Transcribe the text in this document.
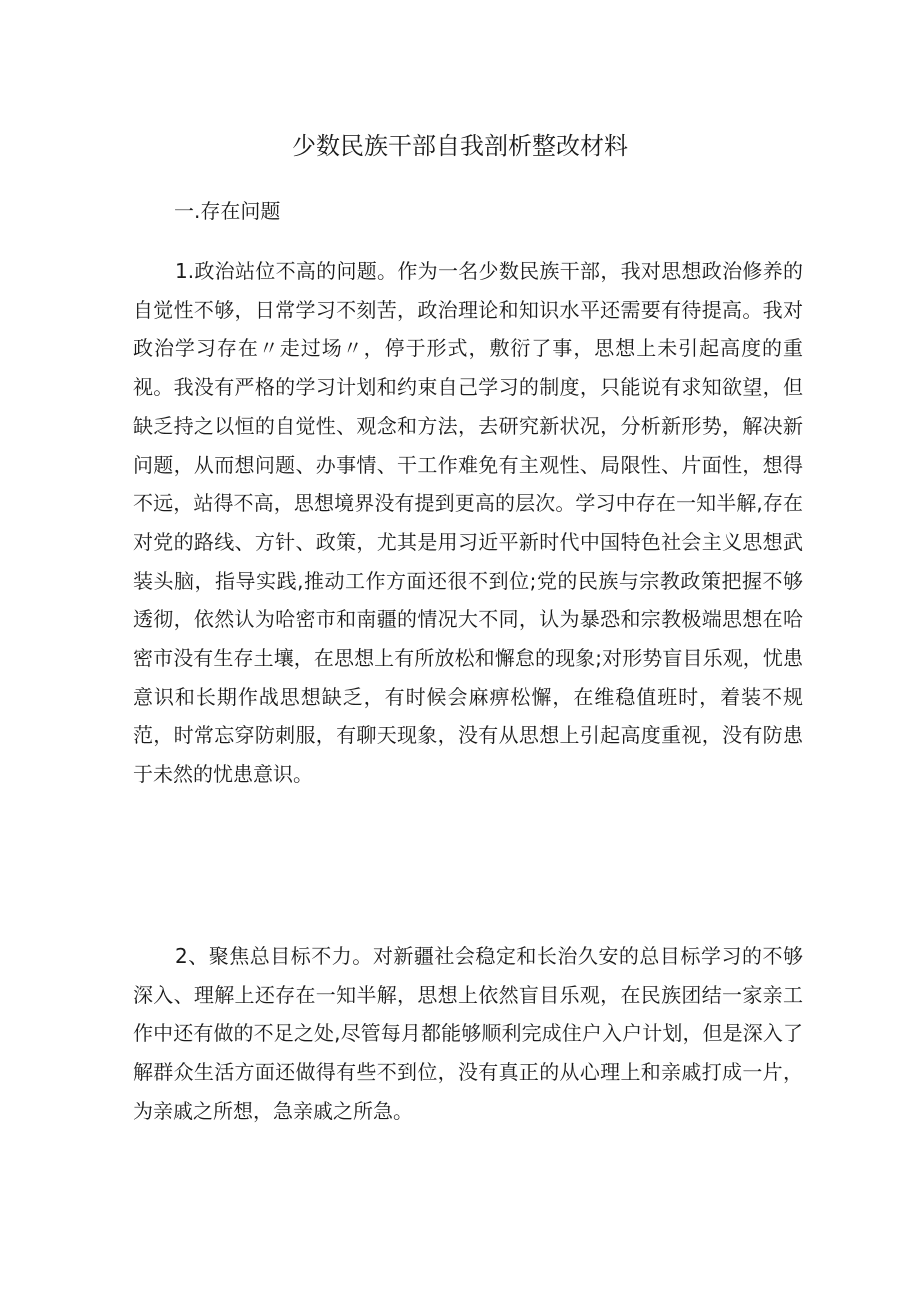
少数民族干部自我剖析整改材料
一.存在问题

1.政治站位不高的问题。作为一名少数民族干部，我对思想政治修养的自觉性不够，日常学习不刻苦，政治理论和知识水平还需要有待提高。我对政治学习存在〃走过场〃，停于形式，敷衍了事，思想上未引起高度的重视。我没有严格的学习计划和约束自己学习的制度，只能说有求知欲望，但缺乏持之以恒的自觉性、观念和方法，去研究新状况，分析新形势，解决新问题，从而想问题、办事情、干工作难免有主观性、局限性、片面性，想得不远，站得不高，思想境界没有提到更高的层次。学习中存在一知半解,存在对党的路线、方针、政策，尤其是用习近平新时代中国特色社会主义思想武装头脑，指导实践,推动工作方面还很不到位;党的民族与宗教政策把握不够透彻，依然认为哈密市和南疆的情况大不同，认为暴恐和宗教极端思想在哈密市没有生存土壤，在思想上有所放松和懈怠的现象;对形势盲目乐观，忧患意识和长期作战思想缺乏，有时候会麻痹松懈，在维稳值班时，着装不规范，时常忘穿防刺服，有聊天现象，没有从思想上引起高度重视，没有防患于未然的忧患意识。

2、聚焦总目标不力。对新疆社会稳定和长治久安的总目标学习的不够深入、理解上还存在一知半解，思想上依然盲目乐观，在民族团结一家亲工作中还有做的不足之处,尽管每月都能够顺利完成住户入户计划，但是深入了解群众生活方面还做得有些不到位，没有真正的从心理上和亲戚打成一片，为亲戚之所想，急亲戚之所急。
